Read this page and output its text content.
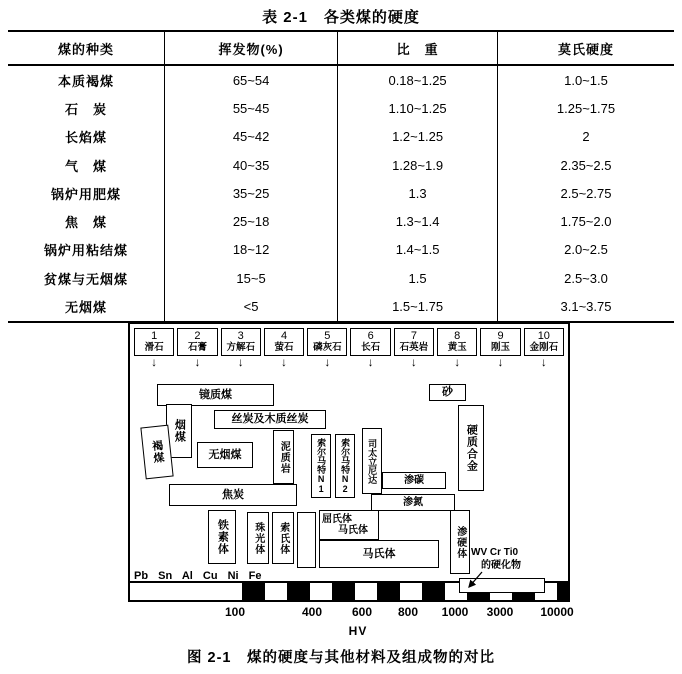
表 2-1　各类煤的硬度
煤的种类	挥发物(%)	比　重	莫氏硬度
本质褐煤	65~54	0.18~1.25	1.0~1.5
石　炭	55~45	1.10~1.25	1.25~1.75
长焰煤	45~42	1.2~1.25	2
气　煤	40~35	1.28~1.9	2.35~2.5
锅炉用肥煤	35~25	1.3	2.5~2.75
焦　煤	25~18	1.3~1.4	1.75~2.0
锅炉用粘结煤	18~12	1.4~1.5	2.0~2.5
贫煤与无烟煤	15~5	1.5	2.5~3.0
无烟煤	<5	1.5~1.75	3.1~3.75
1
滑石
↓
2
石膏
↓
3
方解石
↓
4
萤石
↓
5
磷灰石
↓
6
长石
↓
7
石英岩
↓
8
黄玉
↓
9
刚玉
↓
10
金刚石
↓
镜质煤	砂
丝炭及木质丝炭
烟煤
褐煤	无烟煤	泥质岩	索尔马特N1	索尔马特N2	司太立尼达	硬质合金
渗碳
渗氮
焦炭
铁素体	珠光体	索氏体
屈氏体
马氏体
马氏体	渗硬体 WV Cr Ti0
的硬化物
Pb Sn Al Cu Ni Fe
100	400 600 800 1000 3000 10000
HV
图 2-1　煤的硬度与其他材料及组成物的对比
